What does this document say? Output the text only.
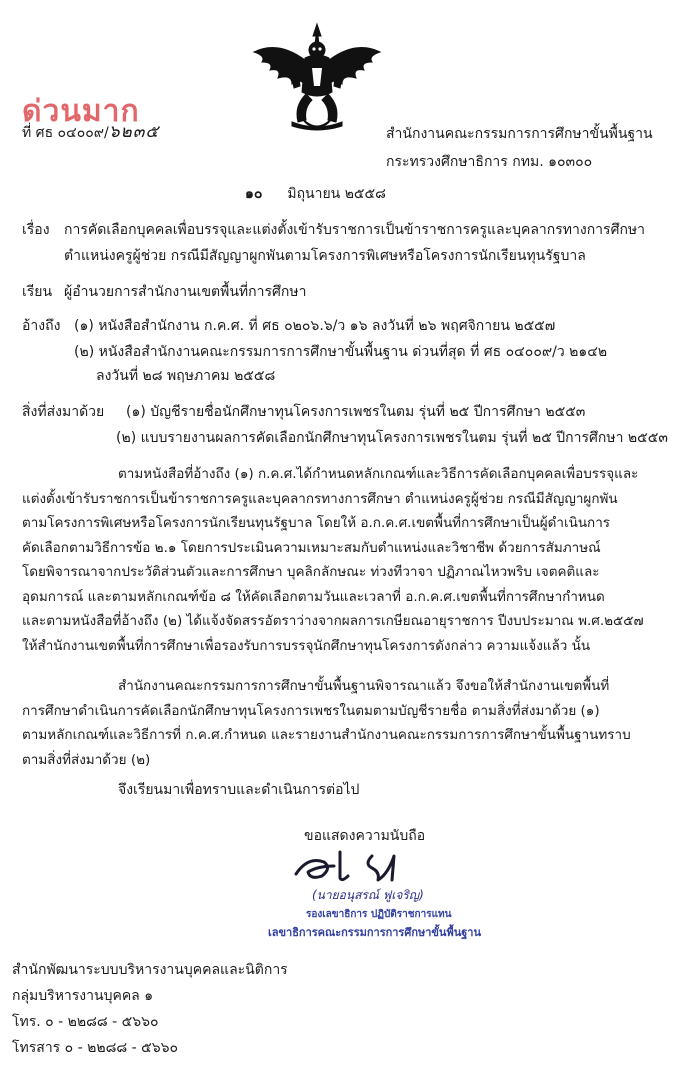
ด่วนมาก
ที่ ศธ ๐๔๐๐๙/๖๒๓๕	สำนักงานคณะกรรมการการศึกษาขั้นพื้นฐาน
กระทรวงศึกษาธิการ กทม. ๑๐๓๐๐
๑๐ มิถุนายน ๒๕๕๘
เรื่อง การคัดเลือกบุคคลเพื่อบรรจุและแต่งตั้งเข้ารับราชการเป็นข้าราชการครูและบุคลากรทางการศึกษา
ตำแหน่งครูผู้ช่วย กรณีมีสัญญาผูกพันตามโครงการพิเศษหรือโครงการนักเรียนทุนรัฐบาล
เรียน ผู้อำนวยการสำนักงานเขตพื้นที่การศึกษา
อ้างถึง (๑) หนังสือสำนักงาน ก.ค.ศ. ที่ ศธ ๐๒๐๖.๖/ว ๑๖ ลงวันที่ ๒๖ พฤศจิกายน ๒๕๕๗
(๒) หนังสือสำนักงานคณะกรรมการการศึกษาขั้นพื้นฐาน ด่วนที่สุด ที่ ศธ ๐๔๐๐๙/ว ๒๑๔๒
ลงวันที่ ๒๘ พฤษภาคม ๒๕๕๘
สิ่งที่ส่งมาด้วย (๑) บัญชีรายชื่อนักศึกษาทุนโครงการเพชรในตม รุ่นที่ ๒๕ ปีการศึกษา ๒๕๕๓
(๒) แบบรายงานผลการคัดเลือกนักศึกษาทุนโครงการเพชรในตม รุ่นที่ ๒๕ ปีการศึกษา ๒๕๕๓
ตามหนังสือที่อ้างถึง (๑) ก.ค.ศ.ได้กำหนดหลักเกณฑ์และวิธีการคัดเลือกบุคคลเพื่อบรรจุและ
แต่งตั้งเข้ารับราชการเป็นข้าราชการครูและบุคลากรทางการศึกษา ตำแหน่งครูผู้ช่วย กรณีมีสัญญาผูกพัน
ตามโครงการพิเศษหรือโครงการนักเรียนทุนรัฐบาล โดยให้ อ.ก.ค.ศ.เขตพื้นที่การศึกษาเป็นผู้ดำเนินการ
คัดเลือกตามวิธีการข้อ ๒.๑ โดยการประเมินความเหมาะสมกับตำแหน่งและวิชาชีพ ด้วยการสัมภาษณ์
โดยพิจารณาจากประวัติส่วนตัวและการศึกษา บุคลิกลักษณะ ท่วงทีวาจา ปฏิภาณไหวพริบ เจตคติและ
อุดมการณ์ และตามหลักเกณฑ์ข้อ ๘ ให้คัดเลือกตามวันและเวลาที่ อ.ก.ค.ศ.เขตพื้นที่การศึกษากำหนด
และตามหนังสือที่อ้างถึง (๒) ได้แจ้งจัดสรรอัตราว่างจากผลการเกษียณอายุราชการ ปีงบประมาณ พ.ศ.๒๕๕๗
ให้สำนักงานเขตพื้นที่การศึกษาเพื่อรองรับการบรรจุนักศึกษาทุนโครงการดังกล่าว ความแจ้งแล้ว นั้น
สำนักงานคณะกรรมการการศึกษาขั้นพื้นฐานพิจารณาแล้ว จึงขอให้สำนักงานเขตพื้นที่
การศึกษาดำเนินการคัดเลือกนักศึกษาทุนโครงการเพชรในตมตามบัญชีรายชื่อ ตามสิ่งที่ส่งมาด้วย (๑)
ตามหลักเกณฑ์และวิธีการที่ ก.ค.ศ.กำหนด และรายงานสำนักงานคณะกรรมการการศึกษาขั้นพื้นฐานทราบ
ตามสิ่งที่ส่งมาด้วย (๒)
จึงเรียนมาเพื่อทราบและดำเนินการต่อไป
ขอแสดงความนับถือ
(นายอนุสรณ์ ฟูเจริญ)
รองเลขาธิการ ปฏิบัติราชการแทน
เลขาธิการคณะกรรมการการศึกษาขั้นพื้นฐาน
สำนักพัฒนาระบบบริหารงานบุคคลและนิติการ
กลุ่มบริหารงานบุคคล ๑
โทร. ๐ - ๒๒๘๘ - ๕๖๖๐
โทรสาร ๐ - ๒๒๘๘ - ๕๖๖๐
